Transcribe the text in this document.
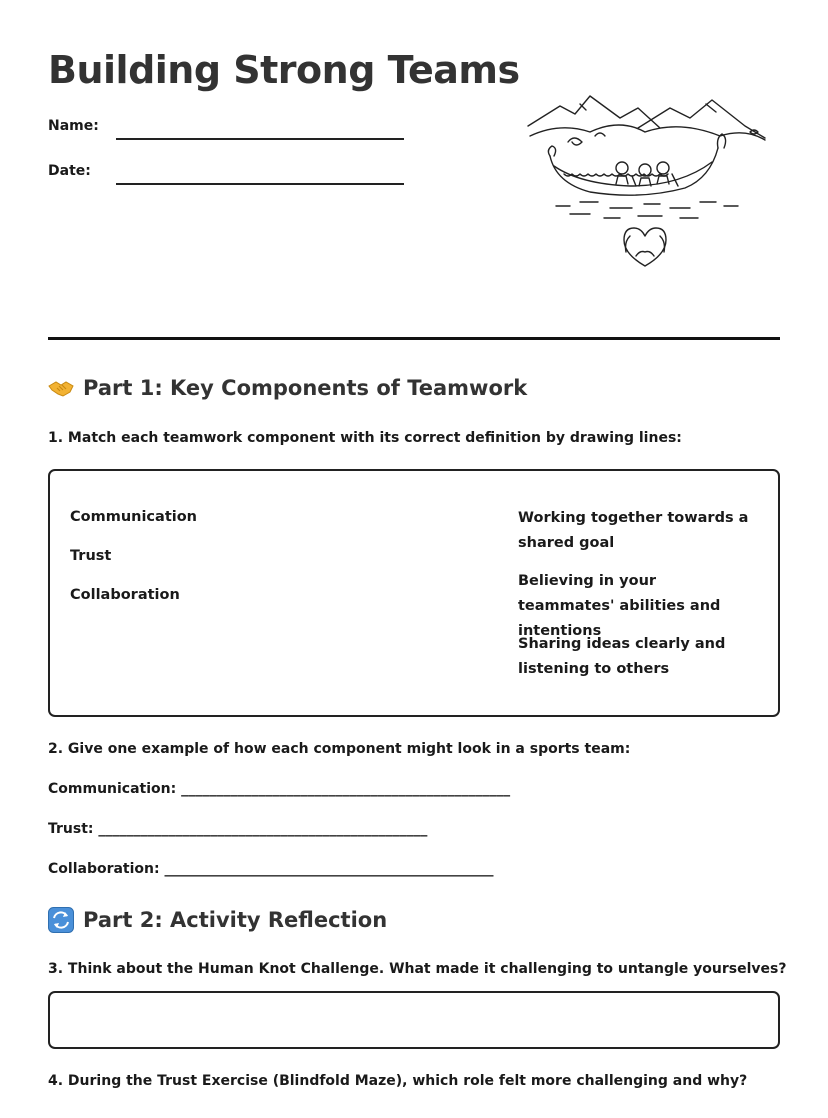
Building Strong Teams
Name:
Date:
Part 1: Key Components of Teamwork
1. Match each teamwork component with its correct definition by drawing lines:
Communication
Trust
Collaboration
Working together towards a shared goal
Believing in your teammates' abilities and intentions
Sharing ideas clearly and listening to others
2. Give one example of how each component might look in a sports team:
Communication: _______________________________________________
Trust: _______________________________________________
Collaboration: _______________________________________________
Part 2: Activity Reflection
3. Think about the Human Knot Challenge. What made it challenging to untangle yourselves?
4. During the Trust Exercise (Blindfold Maze), which role felt more challenging and why?
